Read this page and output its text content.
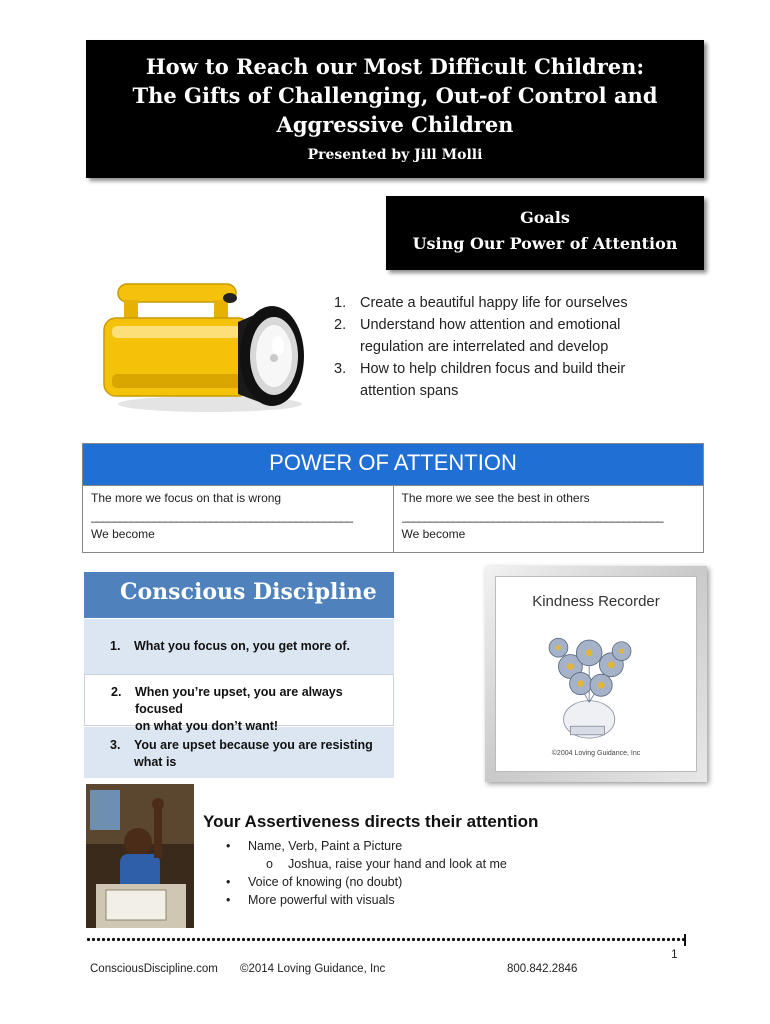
How to Reach our Most Difficult Children:
The Gifts of Challenging, Out-of Control and
Aggressive Children
Presented by Jill Molli
Goals
Using Our Power of Attention
1. Create a beautiful happy life for ourselves
2. Understand how attention and emotional
regulation are interrelated and develop
3. How to help children focus and build their
attention spans
POWER OF ATTENTION
The more we focus on that is wrong
______________________________________________
We become
The more we see the best in others
______________________________________________
We become
Conscious Discipline
1.	What you focus on, you get more of.
2.	When you’re upset, you are always focused
on what you don’t want!
3.	You are upset because you are resisting
what is
Kindness Recorder
©2004 Loving Guidance, Inc
Your Assertiveness directs their attention
•	Name, Verb, Paint a Picture
o	Joshua, raise your hand and look at me
•	Voice of knowing (no doubt)
•	More powerful with visuals
1
ConsciousDiscipline.com ©2014 Loving Guidance, Inc	800.842.2846
